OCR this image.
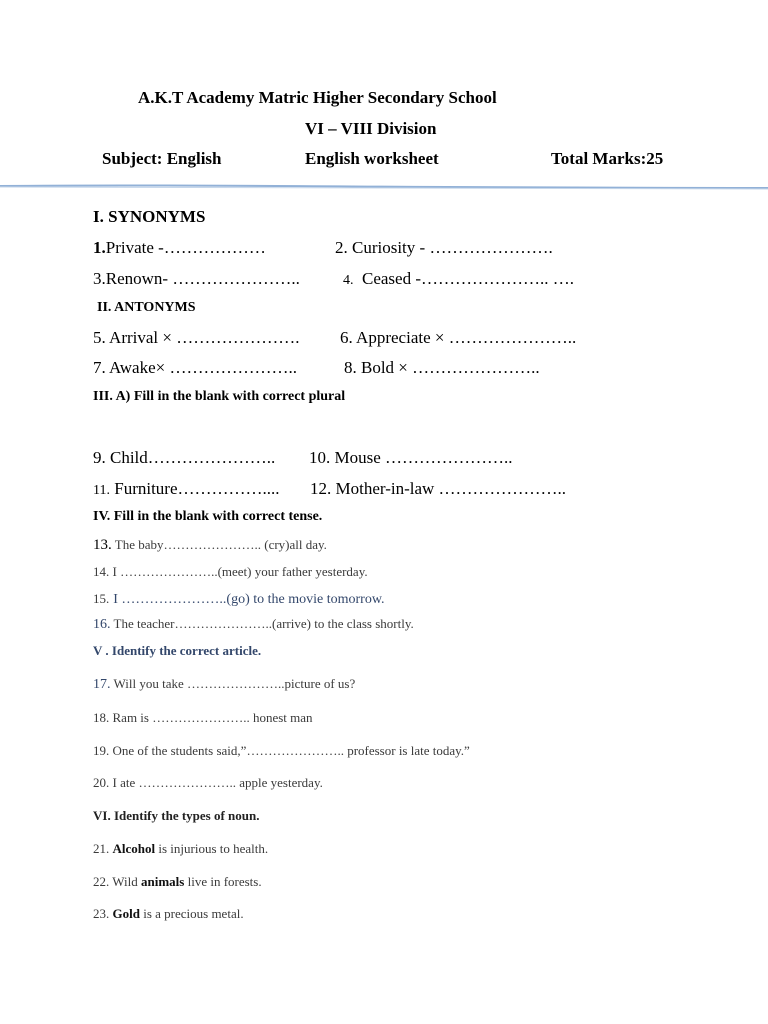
A.K.T Academy Matric Higher Secondary School
VI – VIII Division
Subject: English	English worksheet	Total Marks:25
I. SYNONYMS
1.Private -………………	2. Curiosity - ………………….
3.Renown- …………………..	4. Ceased -………………….. ….
II. ANTONYMS
5. Arrival × …………………. 6. Appreciate × …………………..
7. Awake× …………………..	8. Bold × …………………..
III. A) Fill in the blank with correct plural
9. Child………………….. 10. Mouse …………………..
11. Furniture…………….... 12. Mother-in-law …………………..
IV. Fill in the blank with correct tense.
13. The baby………………….. (cry)all day.
14. I …………………..(meet) your father yesterday.
15. I …………………..(go) to the movie tomorrow.
16. The teacher…………………..(arrive) to the class shortly.
V . Identify the correct article.
17. Will you take …………………..picture of us?
18. Ram is ………………….. honest man
19. One of the students said,”………………….. professor is late today.”
20. I ate ………………….. apple yesterday.
VI. Identify the types of noun.
21. Alcohol is injurious to health.
22. Wild animals live in forests.
23. Gold is a precious metal.
